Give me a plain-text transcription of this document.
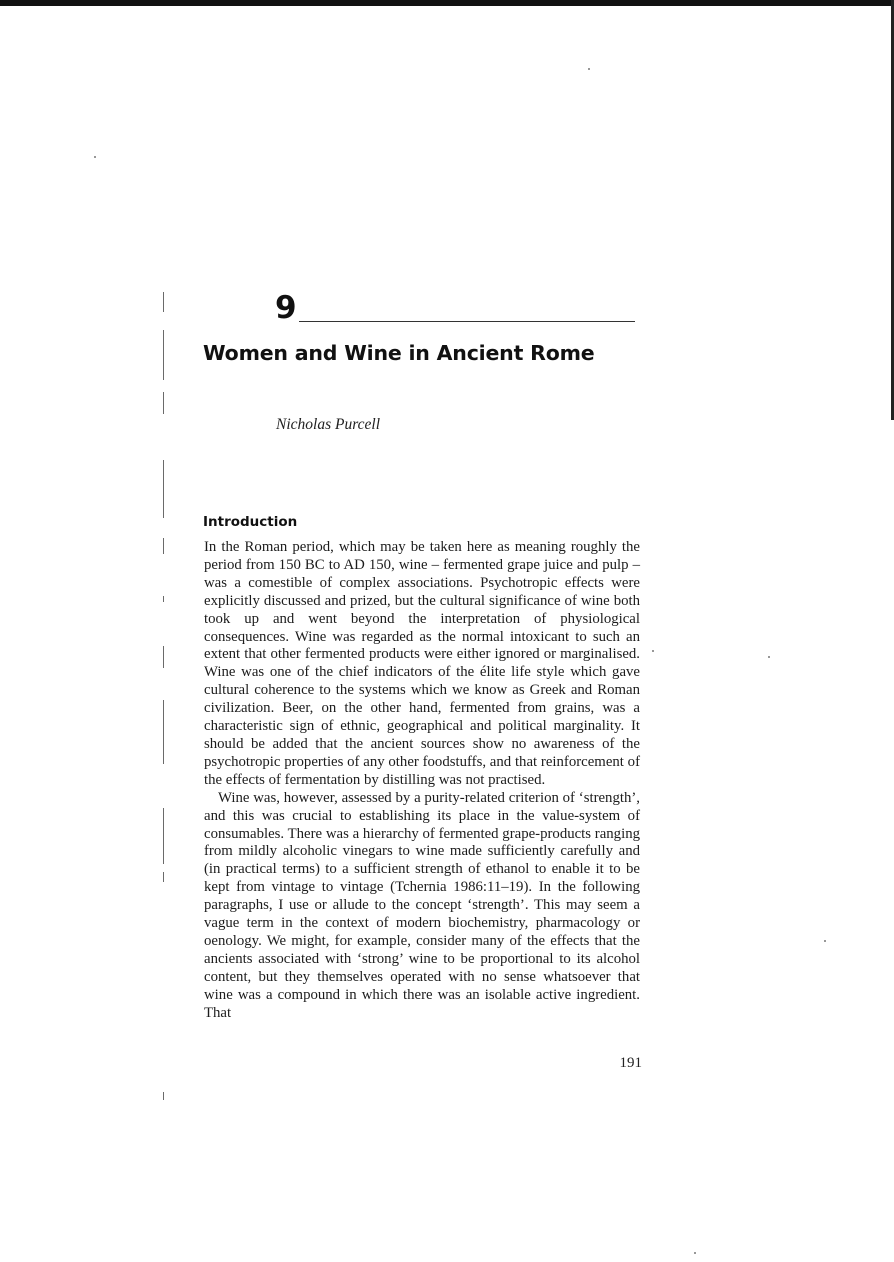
9
Women and Wine in Ancient Rome
Nicholas Purcell
Introduction

In the Roman period, which may be taken here as meaning roughly the period from 150 BC to AD 150, wine – fermented grape juice and pulp – was a comestible of complex associations. Psychotropic effects were explicitly discussed and prized, but the cultural significance of wine both took up and went beyond the interpretation of physiological consequences. Wine was regarded as the normal intoxicant to such an extent that other fermented products were either ignored or marginalised. Wine was one of the chief indicators of the élite life style which gave cultural coherence to the systems which we know as Greek and Roman civilization. Beer, on the other hand, fermented from grains, was a characteristic sign of ethnic, geographical and political marginality. It should be added that the ancient sources show no awareness of the psychotropic properties of any other foodstuffs, and that reinforcement of the effects of fermentation by distilling was not practised.

Wine was, however, assessed by a purity-related criterion of ‘strength’, and this was crucial to establishing its place in the value-system of consumables. There was a hierarchy of fermented grape-products ranging from mildly alcoholic vinegars to wine made sufficiently carefully and (in practical terms) to a sufficient strength of ethanol to enable it to be kept from vintage to vintage (Tchernia 1986:11–19). In the following paragraphs, I use or allude to the concept ‘strength’. This may seem a vague term in the context of modern biochemistry, pharmacology or oenology. We might, for example, consider many of the effects that the ancients associated with ‘strong’ wine to be proportional to its alcohol content, but they themselves operated with no sense whatsoever that wine was a compound in which there was an isolable active ingredient. That

191
